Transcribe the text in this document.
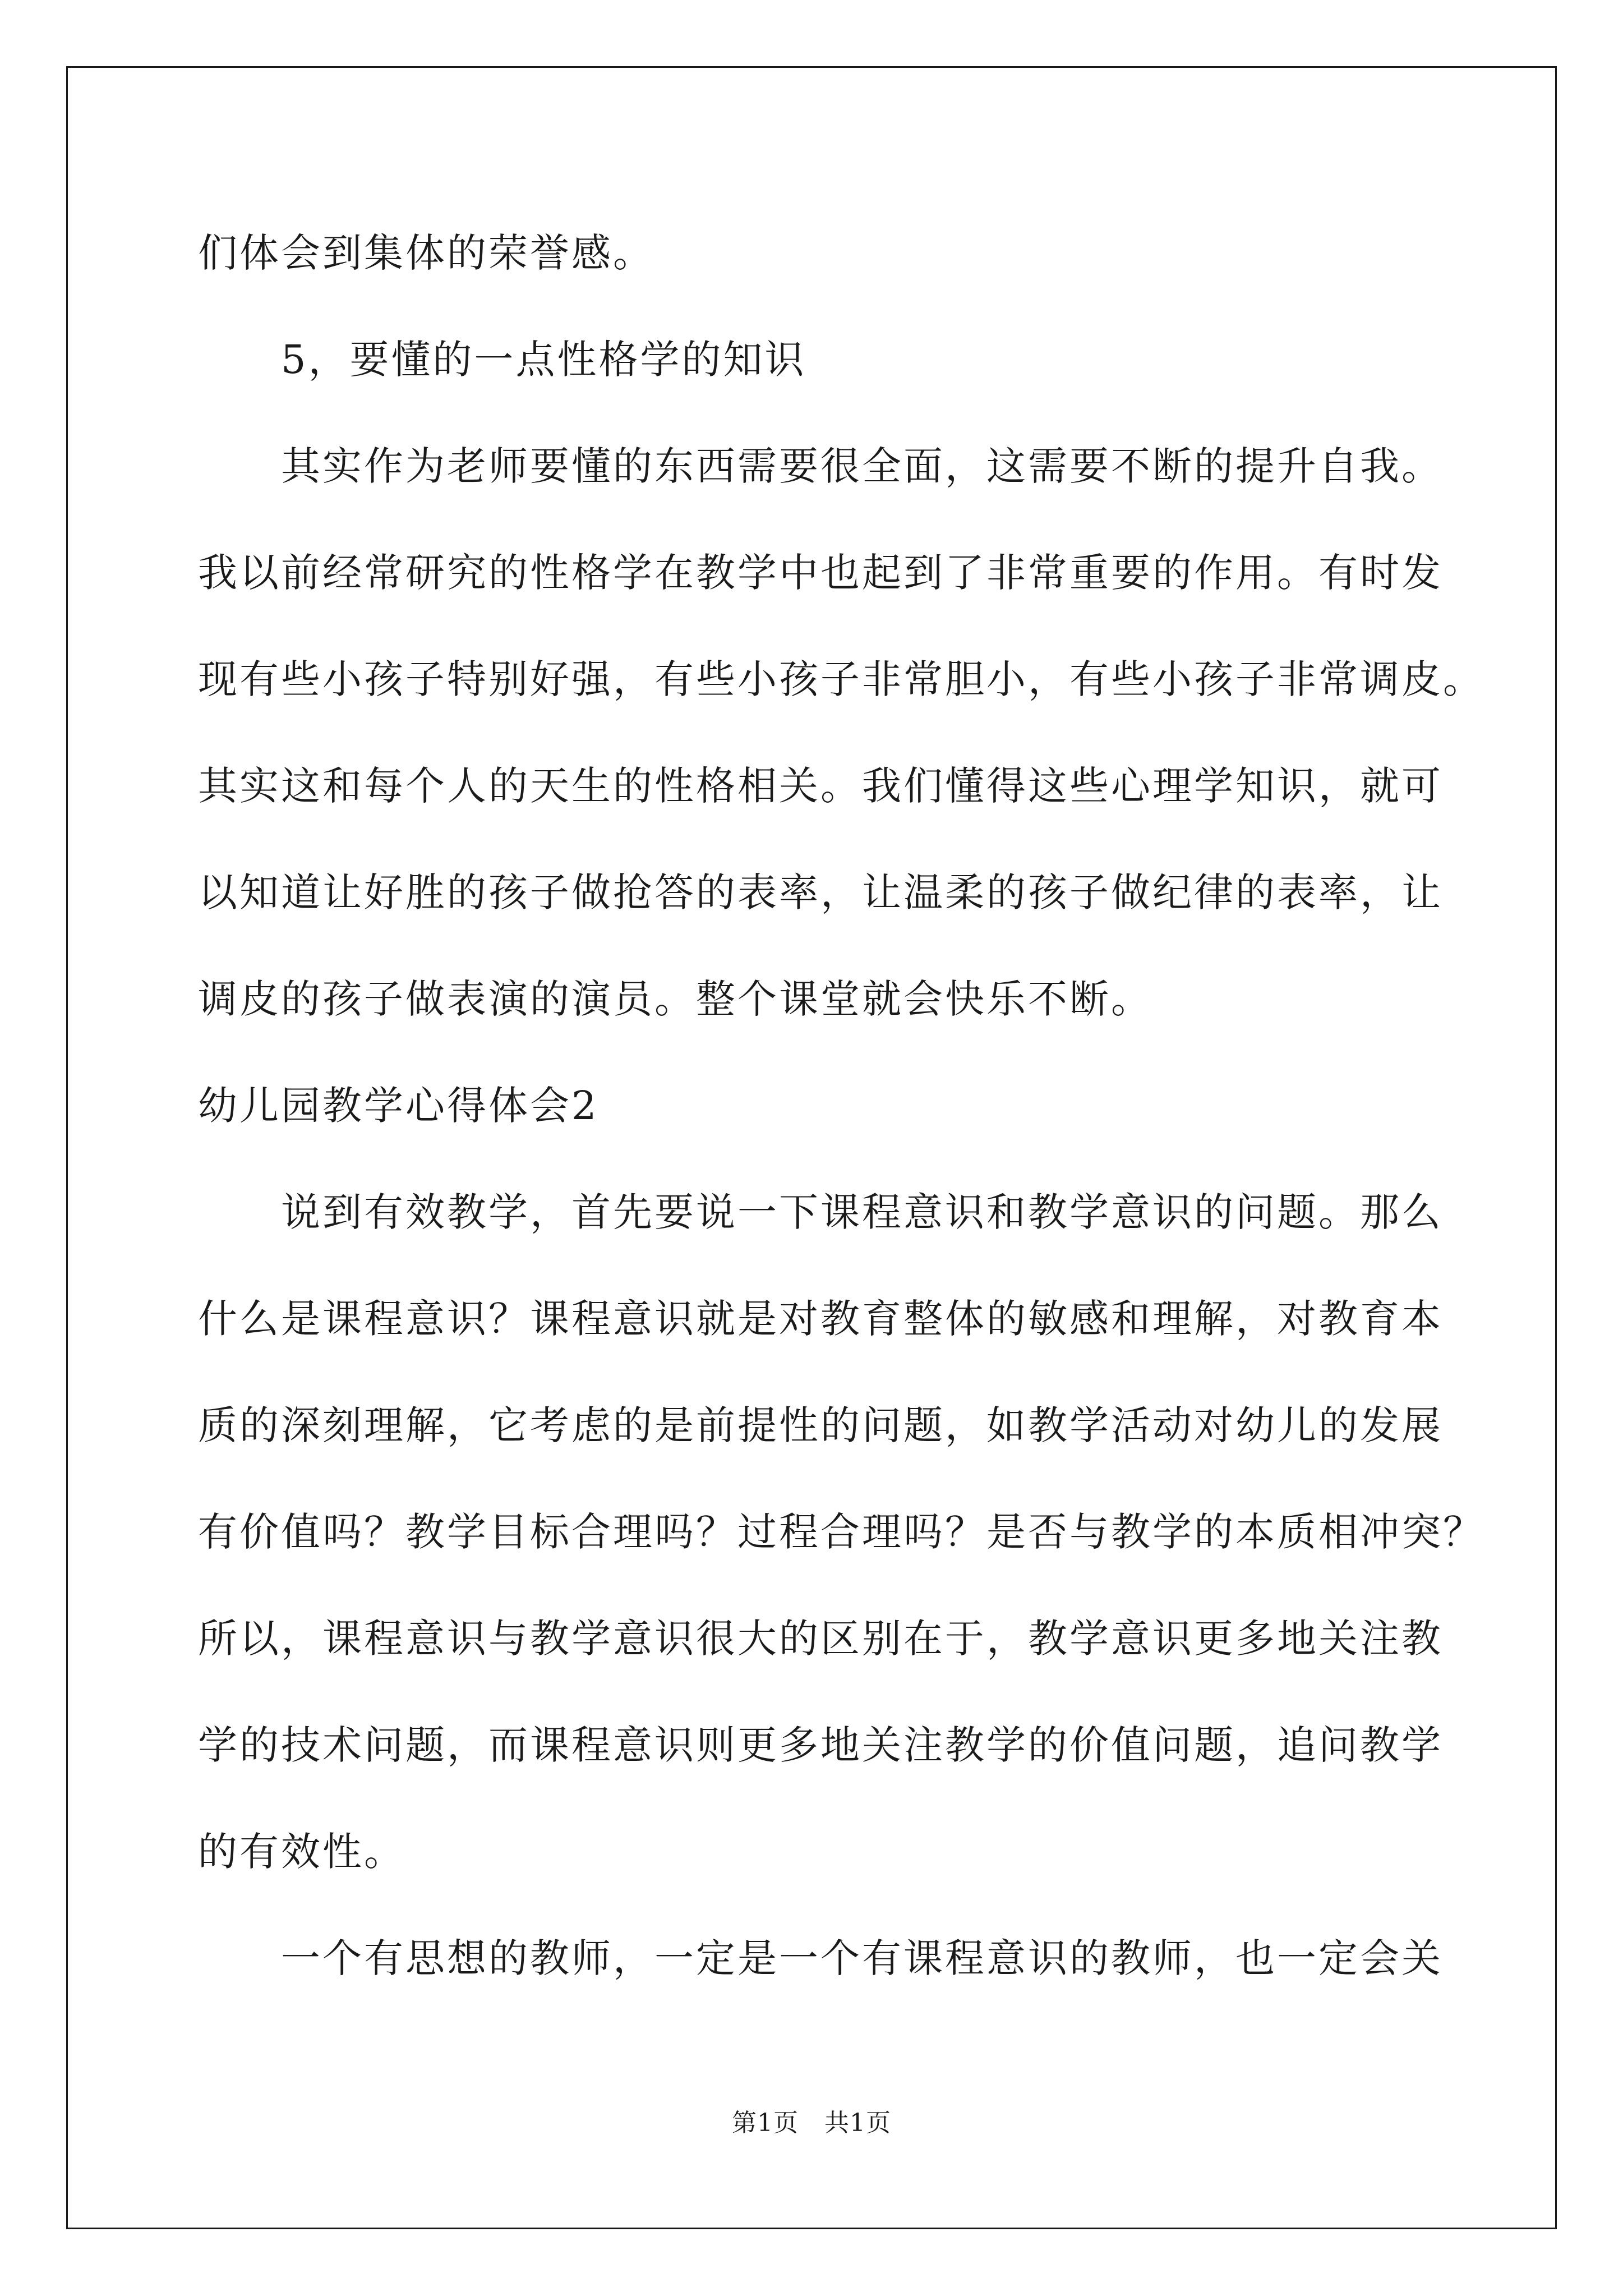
们体会到集体的荣誉感。
5，要懂的一点性格学的知识
其实作为老师要懂的东西需要很全面，这需要不断的提升自我。
我以前经常研究的性格学在教学中也起到了非常重要的作用。有时发
现有些小孩子特别好强，有些小孩子非常胆小，有些小孩子非常调皮。
其实这和每个人的天生的性格相关。我们懂得这些心理学知识，就可
以知道让好胜的孩子做抢答的表率，让温柔的孩子做纪律的表率，让
调皮的孩子做表演的演员。整个课堂就会快乐不断。
幼儿园教学心得体会2
说到有效教学，首先要说一下课程意识和教学意识的问题。那么
什么是课程意识？课程意识就是对教育整体的敏感和理解，对教育本
质的深刻理解，它考虑的是前提性的问题，如教学活动对幼儿的发展
有价值吗？教学目标合理吗？过程合理吗？是否与教学的本质相冲突？
所以，课程意识与教学意识很大的区别在于，教学意识更多地关注教
学的技术问题，而课程意识则更多地关注教学的价值问题，追问教学
的有效性。
一个有思想的教师，一定是一个有课程意识的教师，也一定会关
第1页 共1页
